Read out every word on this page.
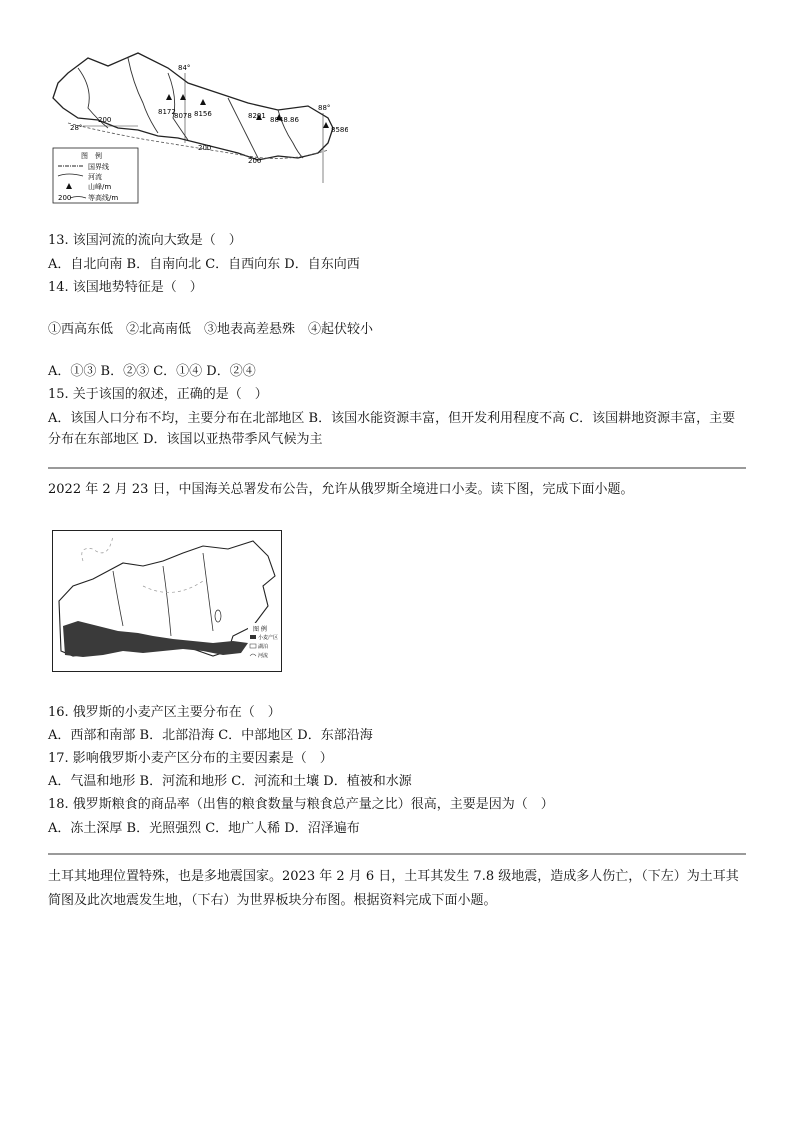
84°
88°
28°
8172
8078 8156	8201 8848.86
8586
200
200
200
图　例
国界线
河流
山峰/m
200 等高线/m
13. 该国河流的流向大致是（　）
A．自北向南 B．自南向北 C．自西向东 D．自东向西
14. 该国地势特征是（　）
①西高东低　②北高南低　③地表高差悬殊　④起伏较小
A．①③ B．②③ C．①④ D．②④
15. 关于该国的叙述，正确的是（　）
A．该国人口分布不均，主要分布在北部地区 B．该国水能资源丰富，但开发利用程度不高 C．该国耕地资源丰富，主要分布在东部地区 D．该国以亚热带季风气候为主
2022 年 2 月 23 日，中国海关总署发布公告，允许从俄罗斯全境进口小麦。读下图，完成下面小题。
图 例
小麦产区
湖泊
河流
16. 俄罗斯的小麦产区主要分布在（　）
A．西部和南部 B．北部沿海 C．中部地区 D．东部沿海
17. 影响俄罗斯小麦产区分布的主要因素是（　）
A．气温和地形 B．河流和地形 C．河流和土壤 D．植被和水源
18. 俄罗斯粮食的商品率（出售的粮食数量与粮食总产量之比）很高，主要是因为（　）
A．冻土深厚 B．光照强烈 C．地广人稀 D．沼泽遍布
土耳其地理位置特殊，也是多地震国家。2023 年 2 月 6 日，土耳其发生 7.8 级地震，造成多人伤亡，（下左）为土耳其简图及此次地震发生地，（下右）为世界板块分布图。根据资料完成下面小题。
